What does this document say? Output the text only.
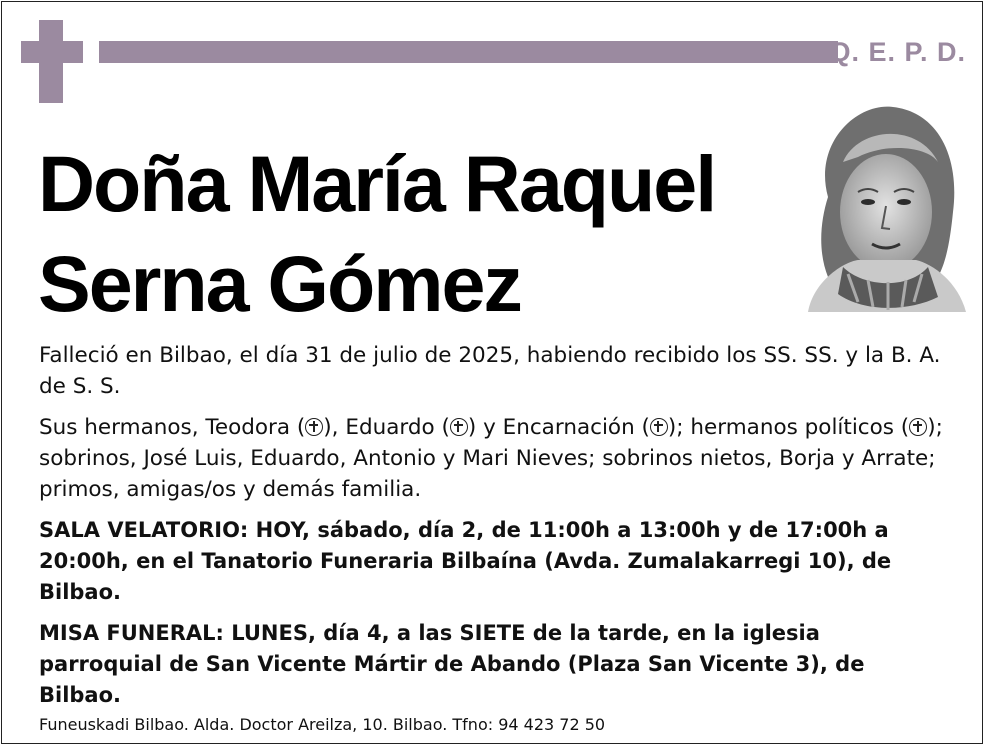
Q. E. P. D.
Doña María Raquel
Serna Gómez

Falleció en Bilbao, el día 31 de julio de 2025, habiendo recibido los SS. SS. y la B. A. de S. S.

Sus hermanos, Teodora ( ), Eduardo ( ) y Encarnación ( ); hermanos políticos ( ); sobrinos, José Luis, Eduardo, Antonio y Mari Nieves; sobrinos nietos, Borja y Arrate; primos, amigas/os y demás familia.

SALA VELATORIO: HOY, sábado, día 2, de 11:00h a 13:00h y de 17:00h a 20:00h, en el Tanatorio Funeraria Bilbaína (Avda. Zumalakarregi 10), de Bilbao.

MISA FUNERAL: LUNES, día 4, a las SIETE de la tarde, en la iglesia parroquial de San Vicente Mártir de Abando (Plaza San Vicente 3), de Bilbao.

Funeuskadi Bilbao. Alda. Doctor Areilza, 10. Bilbao. Tfno: 94 423 72 50
